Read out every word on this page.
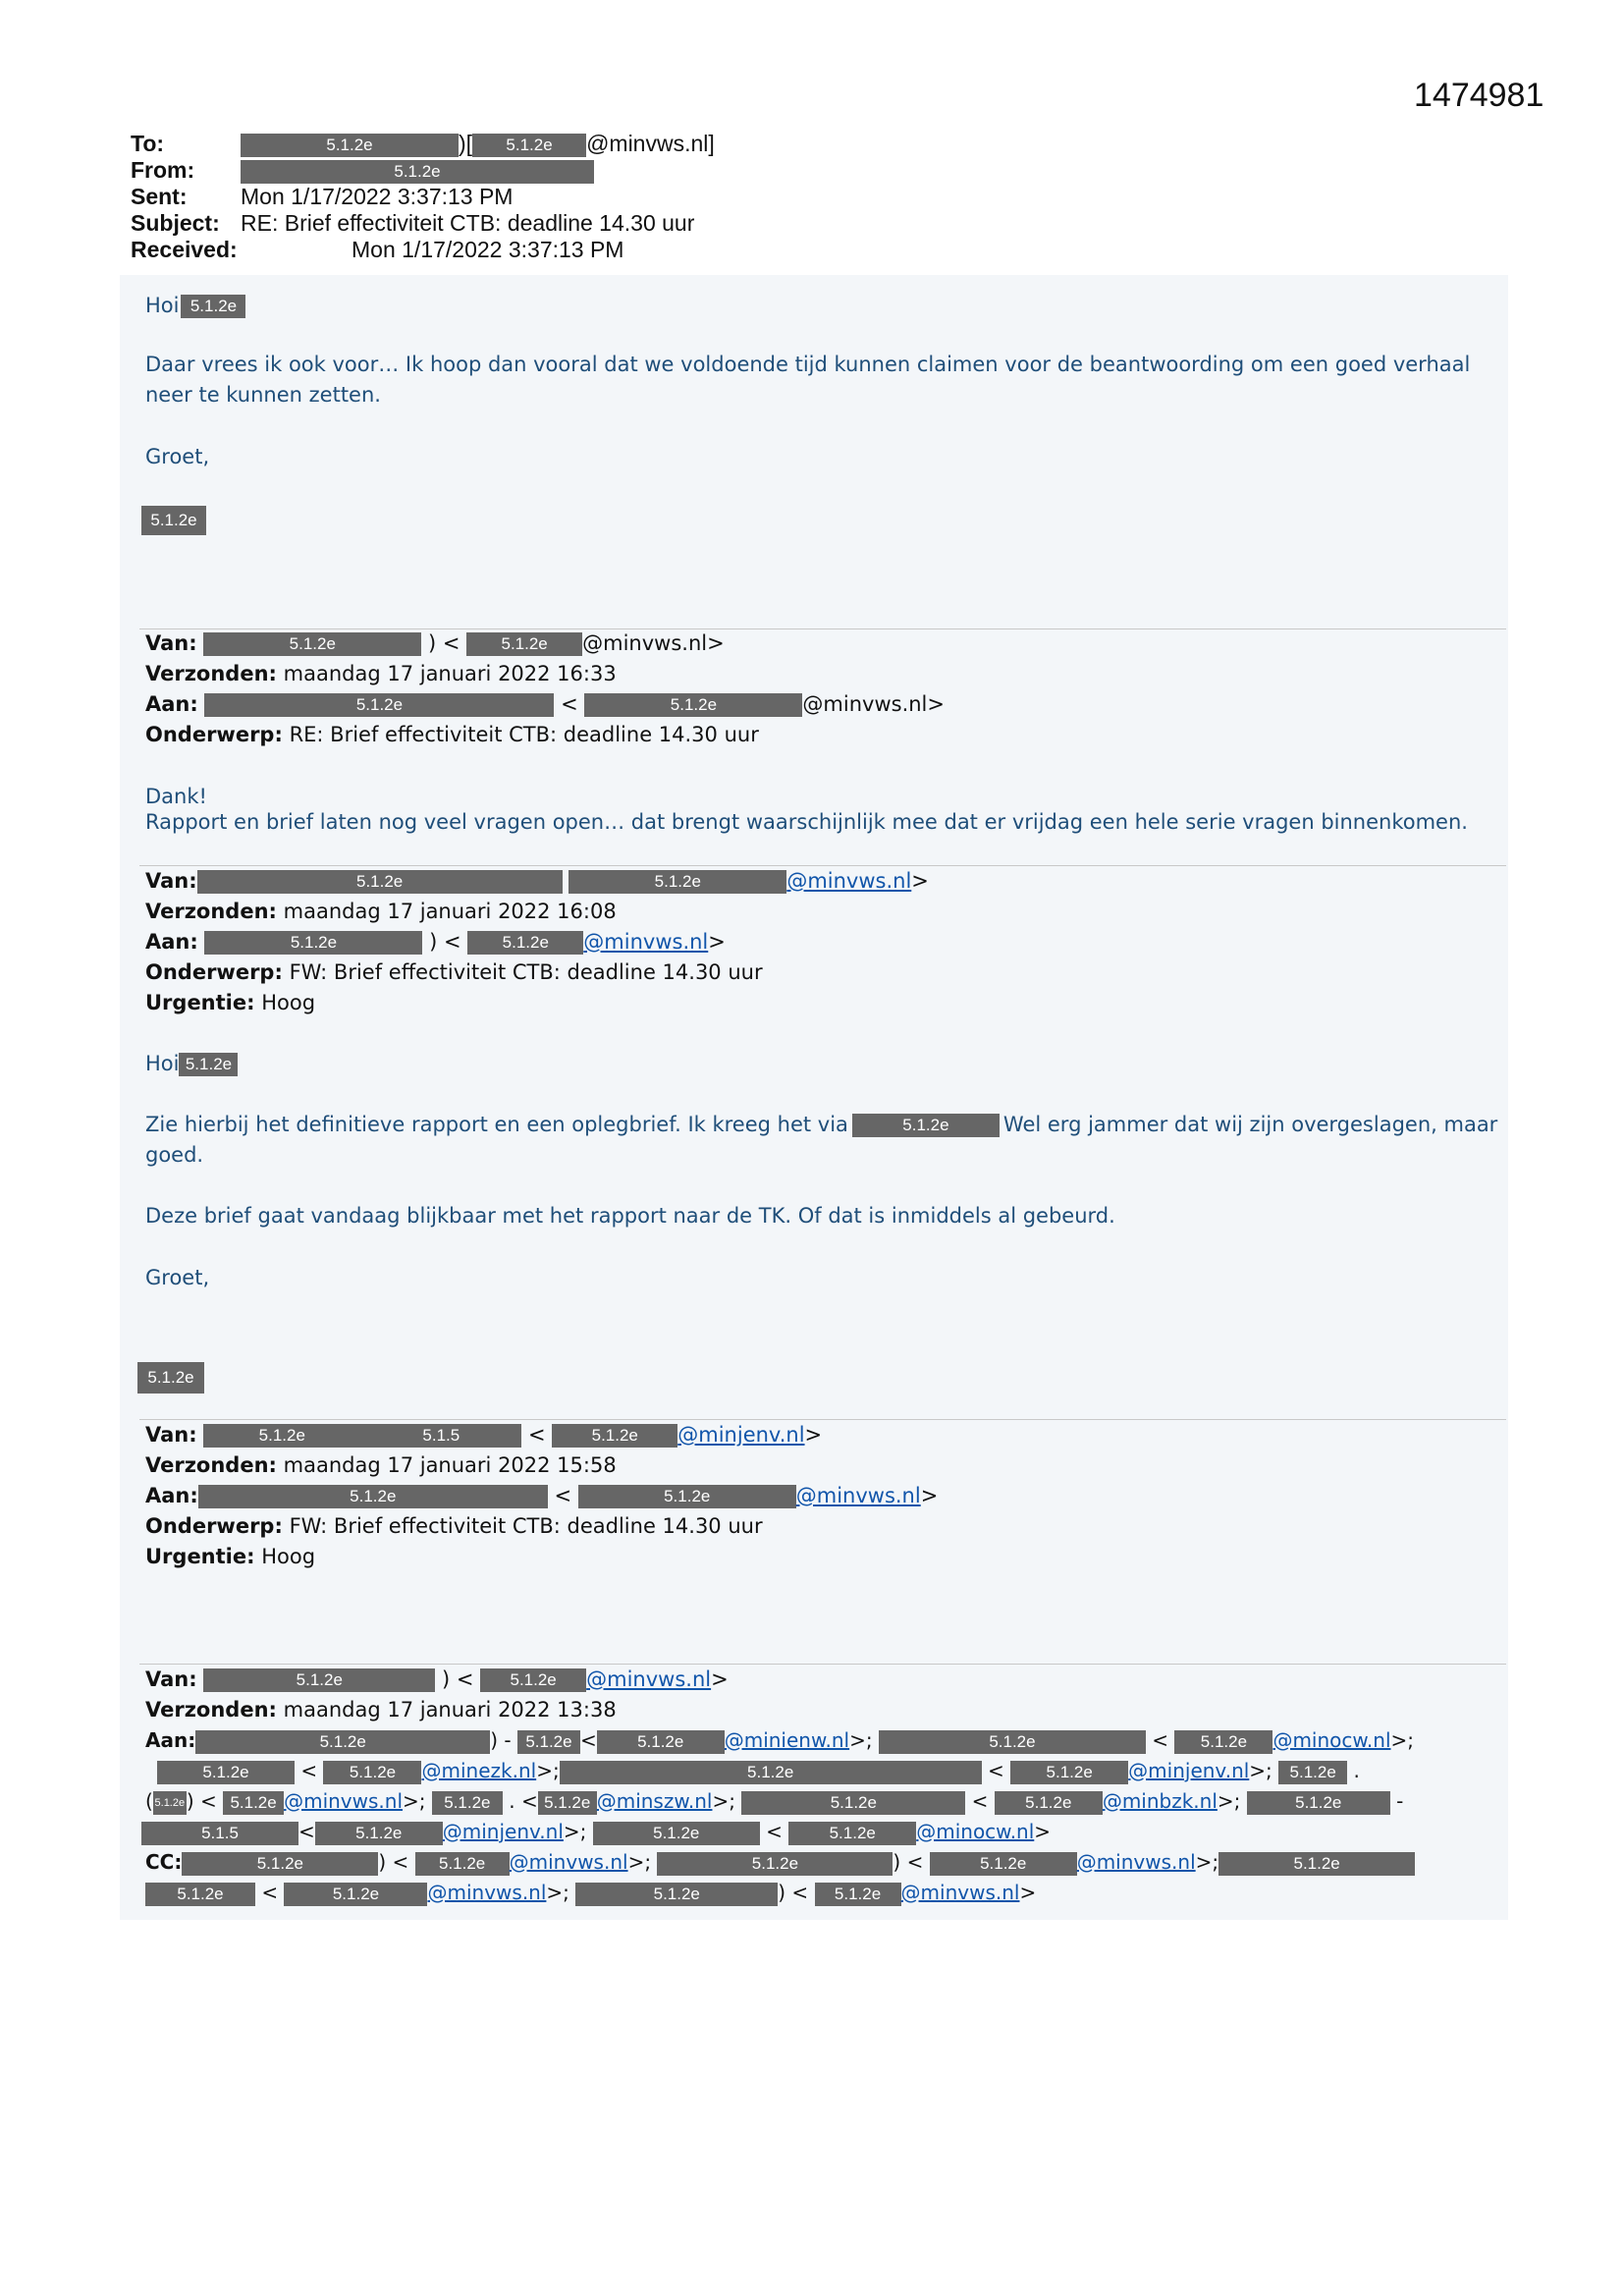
1474981
To:	5.1.2e	)[ 5.1.2e @minvws.nl]
From:	5.1.2e
Sent: Mon 1/17/2022 3:37:13 PM
Subject: RE: Brief effectiviteit CTB: deadline 14.30 uur
Received:	Mon 1/17/2022 3:37:13 PM
Hoi 5.1.2e
Daar vrees ik ook voor… Ik hoop dan vooral dat we voldoende tijd kunnen claimen voor de beantwoording om een goed verhaal
neer te kunnen zetten.
Groet,
5.1.2e
Van:	5.1.2e	) < 5.1.2e @minvws.nl>
Verzonden: maandag 17 januari 2022 16:33
Aan:	5.1.2e	<	5.1.2e	@minvws.nl>
Onderwerp: RE: Brief effectiviteit CTB: deadline 14.30 uur
Dank!
Rapport en brief laten nog veel vragen open… dat brengt waarschijnlijk mee dat er vrijdag een hele serie vragen binnenkomen.
Van:	5.1.2e	5.1.2e	@minvws.nl>
Verzonden: maandag 17 januari 2022 16:08
Aan:	5.1.2e	) < 5.1.2e @minvws.nl>
Onderwerp: FW: Brief effectiviteit CTB: deadline 14.30 uur
Urgentie: Hoog
Hoi 5.1.2e
Zie hierbij het definitieve rapport en een oplegbrief. Ik kreeg het via	5.1.2e	Wel erg jammer dat wij zijn overgeslagen, maar
goed.
Deze brief gaat vandaag blijkbaar met het rapport naar de TK. Of dat is inmiddels al gebeurd.
Groet,
5.1.2e
Van:	5.1.2e	5.1.5	< 5.1.2e @minjenv.nl>
Verzonden: maandag 17 januari 2022 15:58
Aan:	5.1.2e	<	5.1.2e	@minvws.nl>
Onderwerp: FW: Brief effectiviteit CTB: deadline 14.30 uur
Urgentie: Hoog
Van:	5.1.2e	) < 5.1.2e @minvws.nl>
Verzonden: maandag 17 januari 2022 13:38
Aan:	5.1.2e	) - 5.1.2e < 5.1.2e @minienw.nl>;	5.1.2e	< 5.1.2e @minocw.nl>;
5.1.2e < 5.1.2e @minezk.nl>;	5.1.2e	< 5.1.2e @minjenv.nl>; 5.1.2e .
( 5.1.2e) < 5.1.2e @minvws.nl>; 5.1.2e . < 5.1.2e @minszw.nl>;	5.1.2e	< 5.1.2e @minbzk.nl>;	5.1.2e -
5.1.5	< 5.1.2e @minjenv.nl>;	5.1.2e	< 5.1.2e @minocw.nl>
CC:	5.1.2e	) < 5.1.2e @minvws.nl>;	5.1.2e	) <	5.1.2e	@minvws.nl>;	5.1.2e
5.1.2e <	5.1.2e @minvws.nl>;	5.1.2e	) < 5.1.2e @minvws.nl>
